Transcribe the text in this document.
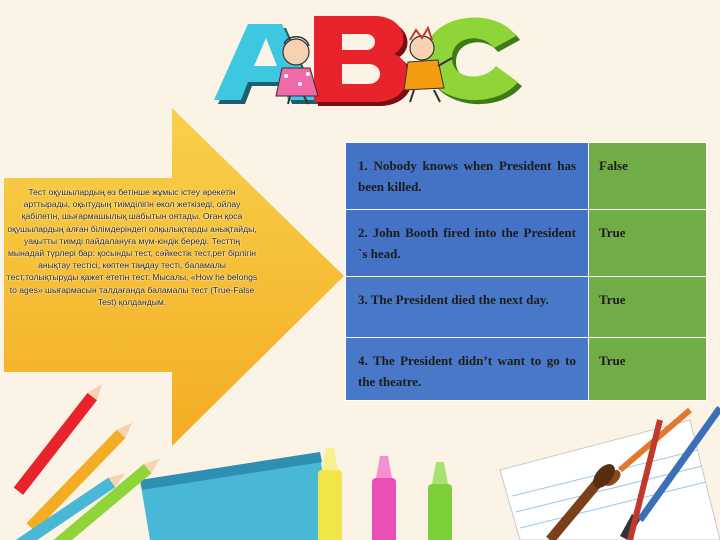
A
Тест оқушылардың өз бетінше жұмыс істеу әрекетін арттырады, оқытудың тиімділігін өкол жеткізеді, ойлау қабілетін, шығармашылық шабытын оятады. Оған қоса оқушылардың алған білімдеріндегі олқылықтарды анықтайды, уақытты тиімді пайдалануға мүм-кіндік береді. Тесттің мынадай түрлері бар: қосынды тест, сәйкестік тест,рет бірлігін анықтау тестісі, көптен таңдау тесті, баламалы тест,толықтыруды қажет ететін тест. Мысалы, «How he belongs to ages» шығармасын талдағанда баламалы тест (True-False Test) қолдандым.
1. Nobody knows when President has been killed.	False
2. John Booth fired into the President `s head.	True
3. The President died the next day.	True
4. The President didn’t want to go to the theatre.	True
